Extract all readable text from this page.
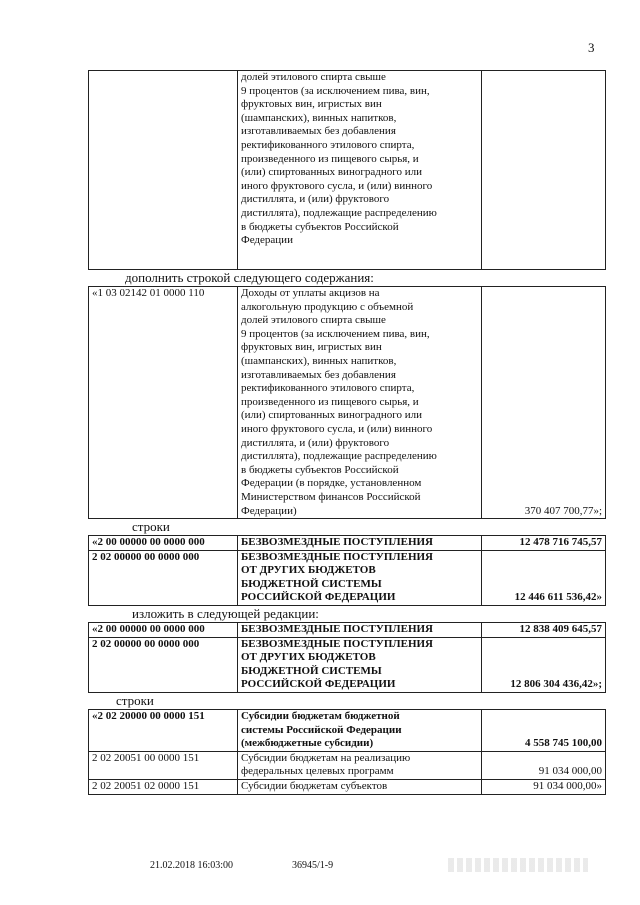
3

долей этилового спирта свыше
9 процентов (за исключением пива, вин,
фруктовых вин, игристых вин
(шампанских), винных напитков,
изготавливаемых без добавления
ректификованного этилового спирта,
произведенного из пищевого сырья, и
(или) спиртованных виноградного или
иного фруктового сусла, и (или) винного
дистиллята, и (или) фруктового
дистиллята), подлежащие распределению
в бюджеты субъектов Российской
Федерации

дополнить строкой следующего содержания:
«1 03 02142 01 0000 110	Доходы от уплаты акцизов на
алкогольную продукцию с объемной
долей этилового спирта свыше
9 процентов (за исключением пива, вин,
фруктовых вин, игристых вин
(шампанских), винных напитков,
изготавливаемых без добавления
ректификованного этилового спирта,
произведенного из пищевого сырья, и
(или) спиртованных виноградного или
иного фруктового сусла, и (или) винного
дистиллята, и (или) фруктового
дистиллята), подлежащие распределению
в бюджеты субъектов Российской
Федерации (в порядке, установленном
Министерством финансов Российской
Федерации)	370 407 700,77»;
строки
«2 00 00000 00 0000 000	БЕЗВОЗМЕЗДНЫЕ ПОСТУПЛЕНИЯ	12 478 716 745,57
2 02 00000 00 0000 000	БЕЗВОЗМЕЗДНЫЕ ПОСТУПЛЕНИЯ
ОТ ДРУГИХ БЮДЖЕТОВ
БЮДЖЕТНОЙ СИСТЕМЫ
РОССИЙСКОЙ ФЕДЕРАЦИИ	12 446 611 536,42»
изложить в следующей редакции:
«2 00 00000 00 0000 000	БЕЗВОЗМЕЗДНЫЕ ПОСТУПЛЕНИЯ	12 838 409 645,57
2 02 00000 00 0000 000	БЕЗВОЗМЕЗДНЫЕ ПОСТУПЛЕНИЯ
ОТ ДРУГИХ БЮДЖЕТОВ
БЮДЖЕТНОЙ СИСТЕМЫ
РОССИЙСКОЙ ФЕДЕРАЦИИ	12 806 304 436,42»;
строки
«2 02 20000 00 0000 151	Субсидии бюджетам бюджетной
системы Российской Федерации
(межбюджетные субсидии)	4 558 745 100,00
2 02 20051 00 0000 151	Субсидии бюджетам на реализацию
федеральных целевых программ	91 034 000,00
2 02 20051 02 0000 151	Субсидии бюджетам субъектов	91 034 000,00»
21.02.2018 16:03:00	36945/1-9
